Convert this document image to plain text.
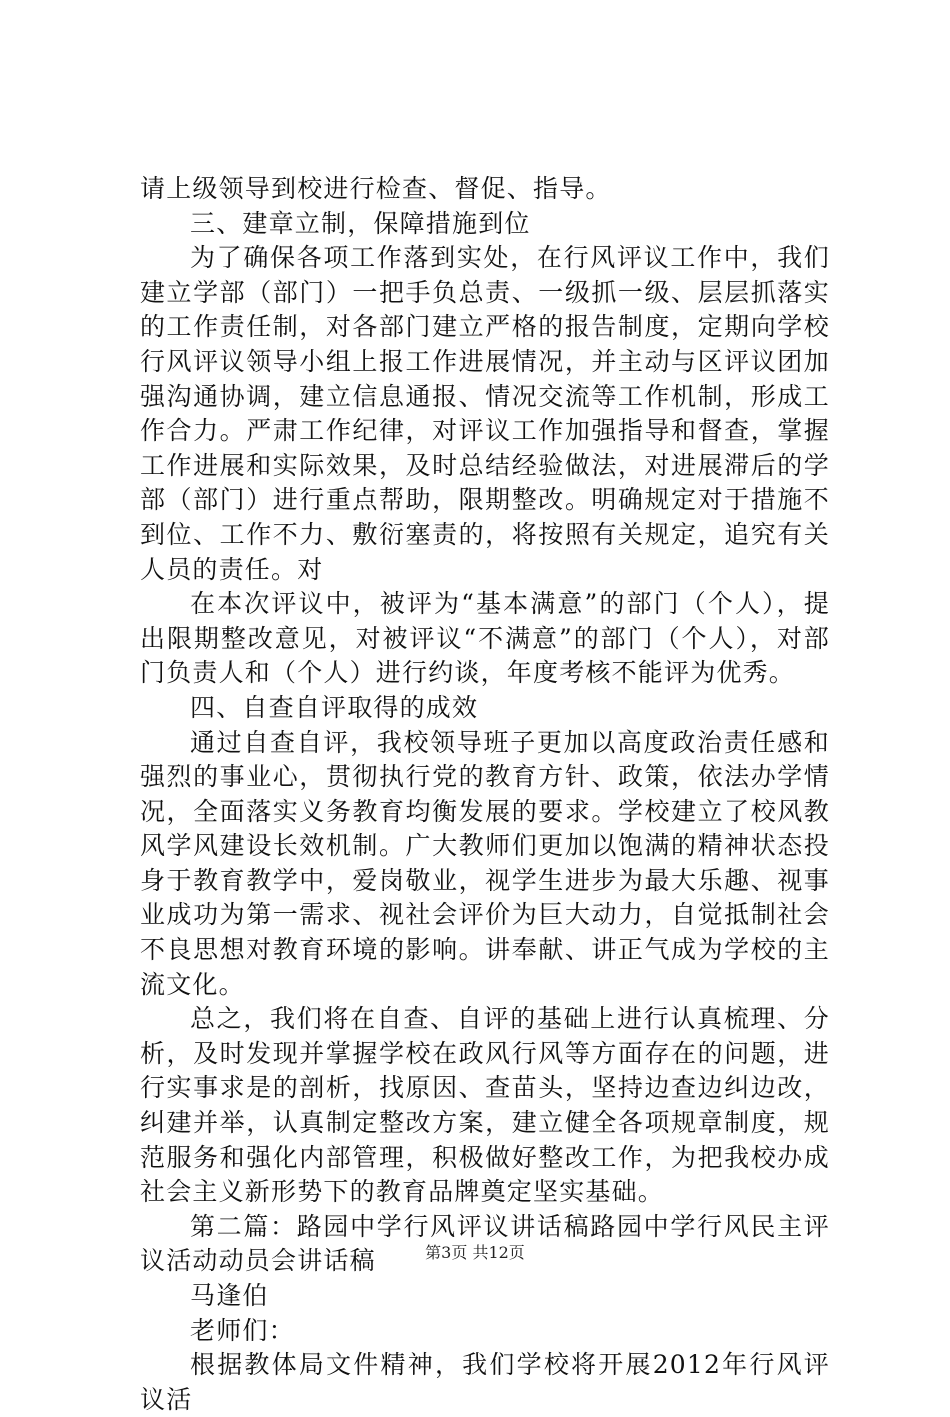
请上级领导到校进行检查、督促、指导。

三、建章立制，保障措施到位

为了确保各项工作落到实处，在行风评议工作中，我们建立学部（部门）一把手负总责、一级抓一级、层层抓落实的工作责任制，对各部门建立严格的报告制度，定期向学校行风评议领导小组上报工作进展情况，并主动与区评议团加强沟通协调，建立信息通报、情况交流等工作机制，形成工作合力。严肃工作纪律，对评议工作加强指导和督查，掌握工作进展和实际效果，及时总结经验做法，对进展滞后的学部（部门）进行重点帮助，限期整改。明确规定对于措施不到位、工作不力、敷衍塞责的，将按照有关规定，追究有关人员的责任。对

在本次评议中，被评为“基本满意”的部门（个人），提出限期整改意见，对被评议“不满意”的部门（个人），对部门负责人和（个人）进行约谈，年度考核不能评为优秀。

四、自查自评取得的成效

通过自查自评，我校领导班子更加以高度政治责任感和强烈的事业心，贯彻执行党的教育方针、政策，依法办学情况，全面落实义务教育均衡发展的要求。学校建立了校风教风学风建设长效机制。广大教师们更加以饱满的精神状态投身于教育教学中，爱岗敬业，视学生进步为最大乐趣、视事业成功为第一需求、视社会评价为巨大动力，自觉抵制社会不良思想对教育环境的影响。讲奉献、讲正气成为学校的主流文化。

总之，我们将在自查、自评的基础上进行认真梳理、分析，及时发现并掌握学校在政风行风等方面存在的问题，进行实事求是的剖析，找原因、查苗头，坚持边查边纠边改，纠建并举，认真制定整改方案，建立健全各项规章制度，规范服务和强化内部管理，积极做好整改工作，为把我校办成社会主义新形势下的教育品牌奠定坚实基础。

第二篇：路园中学行风评议讲话稿路园中学行风民主评议活动动员会讲话稿

马逢伯

老师们：

根据教体局文件精神，我们学校将开展2012年行风评议活

第3页 共12页
